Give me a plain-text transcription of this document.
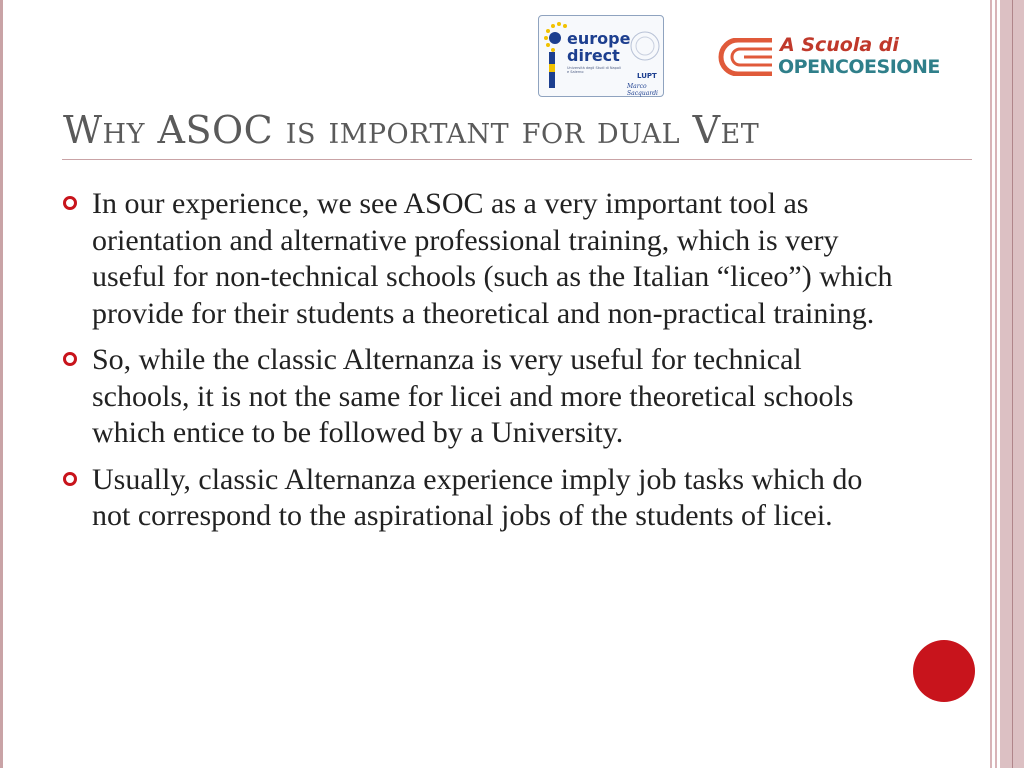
europe
direct
Università degli Studi di Napoli e Salerno	LUPT
Marco Sacquardi
A Scuola di
OPENCOESIONE
Why ASOC is important for dual Vet
In our experience, we see ASOC as a very important tool as orientation and alternative professional training, which is very useful for non-technical schools (such as the Italian “liceo”) which provide for their students a theoretical and non-practical training.
So, while the classic Alternanza is very useful for technical schools, it is not the same for licei and more theoretical schools which entice to be followed by a University.
Usually, classic Alternanza experience imply job tasks which do not correspond to the aspirational jobs of the students of licei.
